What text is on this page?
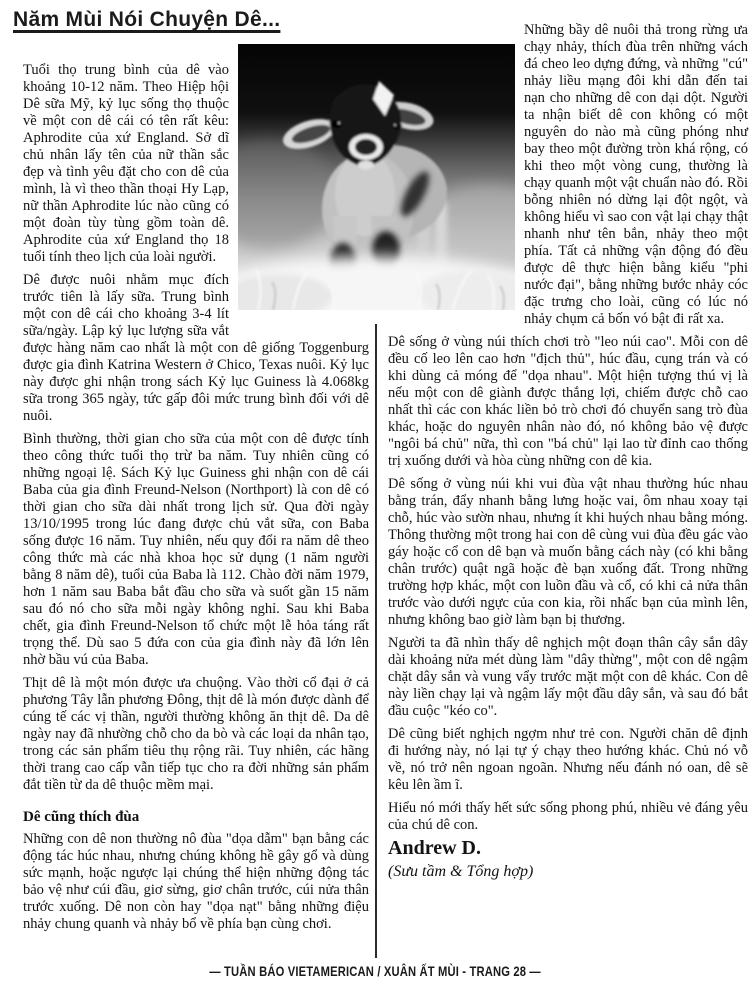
Năm Mùi Nói Chuyện Dê...

Tuổi thọ trung bình của dê vào khoảng 10-12 năm. Theo Hiệp hội Dê sữa Mỹ, kỷ lục sống thọ thuộc về một con dê cái có tên rất kêu: Aphrodite của xứ England. Sở dĩ chủ nhân lấy tên của nữ thần sắc đẹp và tình yêu đặt cho con dê của mình, là vì theo thần thoại Hy Lạp, nữ thần Aphrodite lúc nào cũng có một đoàn tùy tùng gồm toàn dê. Aphrodite của xứ England thọ 18 tuổi tính theo lịch của loài người.

Dê được nuôi nhằm mục đích trước tiên là lấy sữa. Trung bình một con dê cái cho khoảng 3-4 lít sữa/ngày. Lập kỷ lục lượng sữa vắt được hàng năm cao nhất là một con dê giống Toggenburg được gia đình Katrina Western ở Chico, Texas nuôi. Kỷ lục này được ghi nhận trong sách Kỷ lục Guiness là 4.068kg sữa trong 365 ngày, tức gấp đôi mức trung bình đối với dê nuôi.

Bình thường, thời gian cho sữa của một con dê được tính theo công thức tuổi thọ trừ ba năm. Tuy nhiên cũng có những ngoại lệ. Sách Kỷ lục Guiness ghi nhận con dê cái Baba của gia đình Freund-Nelson (Northport) là con dê có thời gian cho sữa dài nhất trong lịch sử. Qua đời ngày 13/10/1995 trong lúc đang được chủ vắt sữa, con Baba sống được 16 năm. Tuy nhiên, nếu quy đổi ra năm dê theo công thức mà các nhà khoa học sử dụng (1 năm người bằng 8 năm dê), tuổi của Baba là 112. Chào đời năm 1979, hơn 1 năm sau Baba bắt đầu cho sữa và suốt gần 15 năm sau đó nó cho sữa mỗi ngày không nghỉ. Sau khi Baba chết, gia đình Freund-Nelson tổ chức một lễ hỏa táng rất trọng thể. Dù sao 5 đứa con của gia đình này đã lớn lên nhờ bầu vú của Baba.

Thịt dê là một món được ưa chuộng. Vào thời cổ đại ở cả phương Tây lẫn phương Đông, thịt dê là món được dành để cúng tế các vị thần, người thường không ăn thịt dê. Da dê ngày nay đã nhường chỗ cho da bò và các loại da nhân tạo, trong các sản phẩm tiêu thụ rộng rãi. Tuy nhiên, các hãng thời trang cao cấp vẫn tiếp tục cho ra đời những sản phẩm đắt tiền từ da dê thuộc mềm mại.

Dê cũng thích đùa

Những con dê non thường nô đùa "dọa dẫm" bạn bằng các động tác húc nhau, nhưng chúng không hề gây gổ và dùng sức mạnh, hoặc ngược lại chúng thể hiện những động tác bảo vệ như cúi đầu, giơ sừng, giơ chân trước, cúi nửa thân trước xuống. Dê non còn hay "dọa nạt" bằng những điệu nhảy chung quanh và nhảy bổ về phía bạn cùng chơi.

Những bầy dê nuôi thả trong rừng ưa chạy nhảy, thích đùa trên những vách đá cheo leo dựng đứng, và những "cú" nhảy liều mạng đôi khi dẫn đến tai nạn cho những dê con dại dột. Người ta nhận biết dê con không có một nguyên do nào mà cũng phóng như bay theo một đường tròn khá rộng, có khi theo một vòng cung, thường là chạy quanh một vật chuẩn nào đó. Rồi bỗng nhiên nó dừng lại đột ngột, và không hiểu vì sao con vật lại chạy thật nhanh như tên bắn, nhảy theo một phía. Tất cả những vận động đó đều được dê thực hiện bằng kiểu "phi nước đại", bằng những bước nhảy cóc đặc trưng cho loài, cũng có lúc nó nhảy chụm cả bốn vó bật đi rất xa.

Dê sống ở vùng núi thích chơi trò "leo núi cao". Mỗi con dê đều cố leo lên cao hơn "địch thủ", húc đầu, cụng trán và có khi dùng cả móng để "dọa nhau". Một hiện tượng thú vị là nếu một con dê giành được thắng lợi, chiếm được chỗ cao nhất thì các con khác liền bỏ trò chơi đó chuyển sang trò đùa khác, hoặc do nguyên nhân nào đó, nó không bảo vệ được "ngôi bá chủ" nữa, thì con "bá chủ" lại lao từ đỉnh cao thống trị xuống dưới và hòa cùng những con dê kia.

Dê sống ở vùng núi khi vui đùa vật nhau thường húc nhau bằng trán, đẩy nhanh bằng lưng hoặc vai, ôm nhau xoay tại chỗ, húc vào sườn nhau, nhưng ít khi huých nhau bằng móng. Thông thường một trong hai con dê cùng vui đùa đều gác vào gáy hoặc cổ con dê bạn và muốn bằng cách này (có khi bằng chân trước) quật ngã hoặc đè bạn xuống đất. Trong những trường hợp khác, một con luồn đầu và cổ, có khi cả nửa thân trước vào dưới ngực của con kia, rồi nhấc bạn của mình lên, nhưng không bao giờ làm bạn bị thương.

Người ta đã nhìn thấy dê nghịch một đoạn thân cây sắn dây dài khoảng nửa mét dùng làm "dây thừng", một con dê ngậm chặt dây sắn và vung vẩy trước mặt một con dê khác. Con dê này liền chạy lại và ngậm lấy một đầu dây sắn, và sau đó bắt đầu cuộc "kéo co".

Dê cũng biết nghịch ngợm như trẻ con. Người chăn dê định đi hướng này, nó lại tự ý chạy theo hướng khác. Chủ nó vỗ về, nó trở nên ngoan ngoãn. Nhưng nếu đánh nó oan, dê sẽ kêu lên ầm ĩ.

Hiểu nó mới thấy hết sức sống phong phú, nhiều vẻ đáng yêu của chú dê con.

Andrew D.

(Sưu tầm & Tổng hợp)

— TUẦN BÁO VIETAMERICAN / XUÂN ẤT MÙI - TRANG 28 —
